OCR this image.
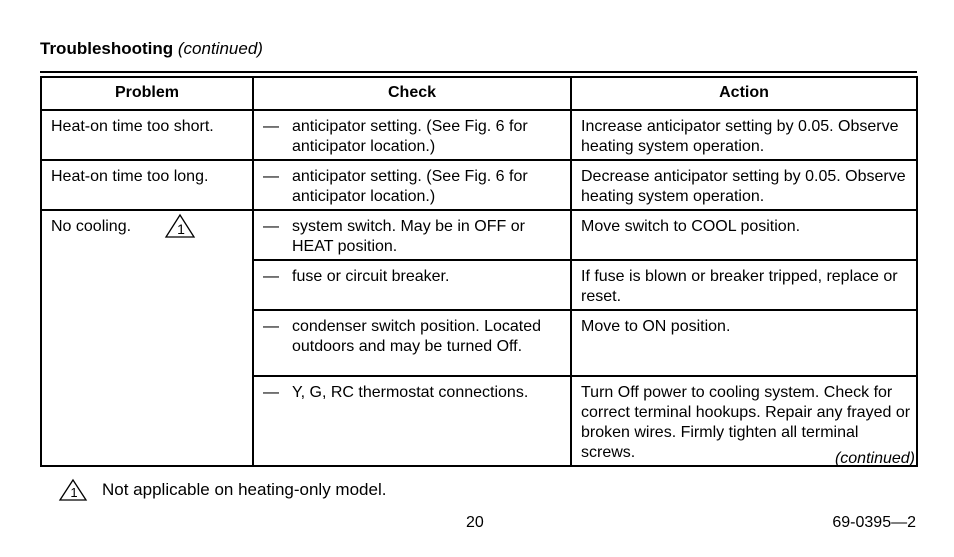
Troubleshooting (continued)
Problem	Check	Action
Heat-on time too short.	— anticipator setting. (See Fig. 6 for anticipator location.)	Increase anticipator setting by 0.05. Observe heating system operation.
Heat-on time too long.	— anticipator setting. (See Fig. 6 for anticipator location.)	Decrease anticipator setting by 0.05. Observe heating system operation.
No cooling. 1	— system switch. May be in OFF or HEAT position.	Move switch to COOL position.

	— fuse or circuit breaker.	If fuse is blown or breaker tripped, replace or reset.

	— condenser switch position. Located outdoors and may be turned Off.	Move to ON position.

	— Y, G, RC thermostat connections.	Turn Off power to cooling system. Check for correct terminal hookups. Repair any frayed or broken wires. Firmly tighten all terminal screws.	(continued)
1 Not applicable on heating-only model.
20	69-0395—2
